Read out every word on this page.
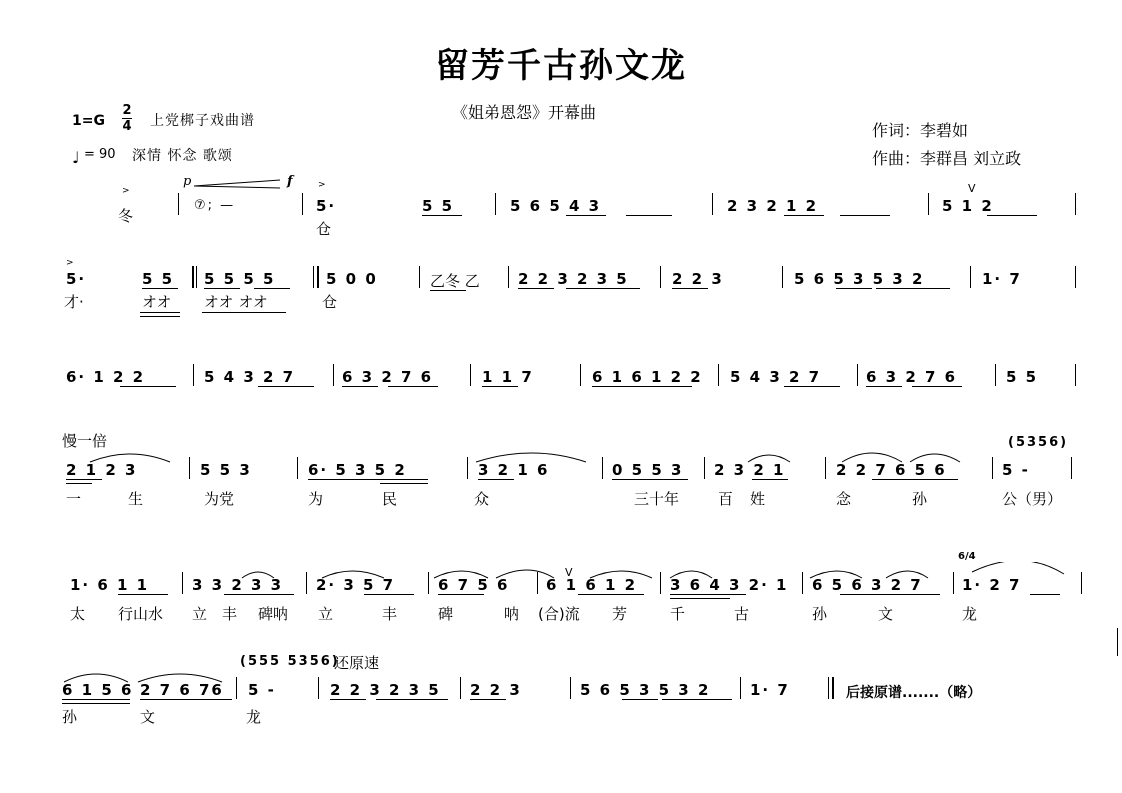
留芳千古孙文龙
《姐弟恩怨》开幕曲
作词：李碧如
作曲：李群昌 刘立政
1=G
2
4 上党梆子戏曲谱
♩ = 90 深情 怀念 歌颂
p	f
>
>
冬
⑦; —	5·
仓
5 5	5 6 5 4 3	2 3 2 1 2
V
5 1 2
>
5·
才·
5 5
オオ
5 5 5 5
オオ オオ
5 0 0
仓
乙冬 乙	2 2 3 2 3 5	2 2 3	5 6 5 3 5 3 2	1· 7
6· 1 2 2	5 4 3 2 7	6 3 2 7 6	1 1 7	6 1 6 1 2 2 5 4 3 2 7	6 3 2 7 6	5 5
慢一倍	(5356)
2 1 2 3	5 5 3	6· 5 3 5 2	3 2 1 6	0 5 5 3 2 3 2 1	2 2 7 6 5 6	5 -
一	生	为党	为	民	众	三十年	百 姓	念	孙	公（男）
6/4
V
1· 6 1 1	3 3 2 3 3 2· 3 5 7	6 7 5 6 6 1 6 1 2 3 6 4 3 2· 1 6 5 6 3 2 7	1· 2 7
太 行山水 立 丰 碑呐 立	丰	碑	呐 (合)流 芳	千	古	孙	文	龙
(555 5356)
还原速
6 1 5 6 2 7 6 76 5 -	2 2 3 2 3 5 2 2 3	5 6 5 3 5 3 2	1· 7	后接原谱.......（略）
孙	文	龙
